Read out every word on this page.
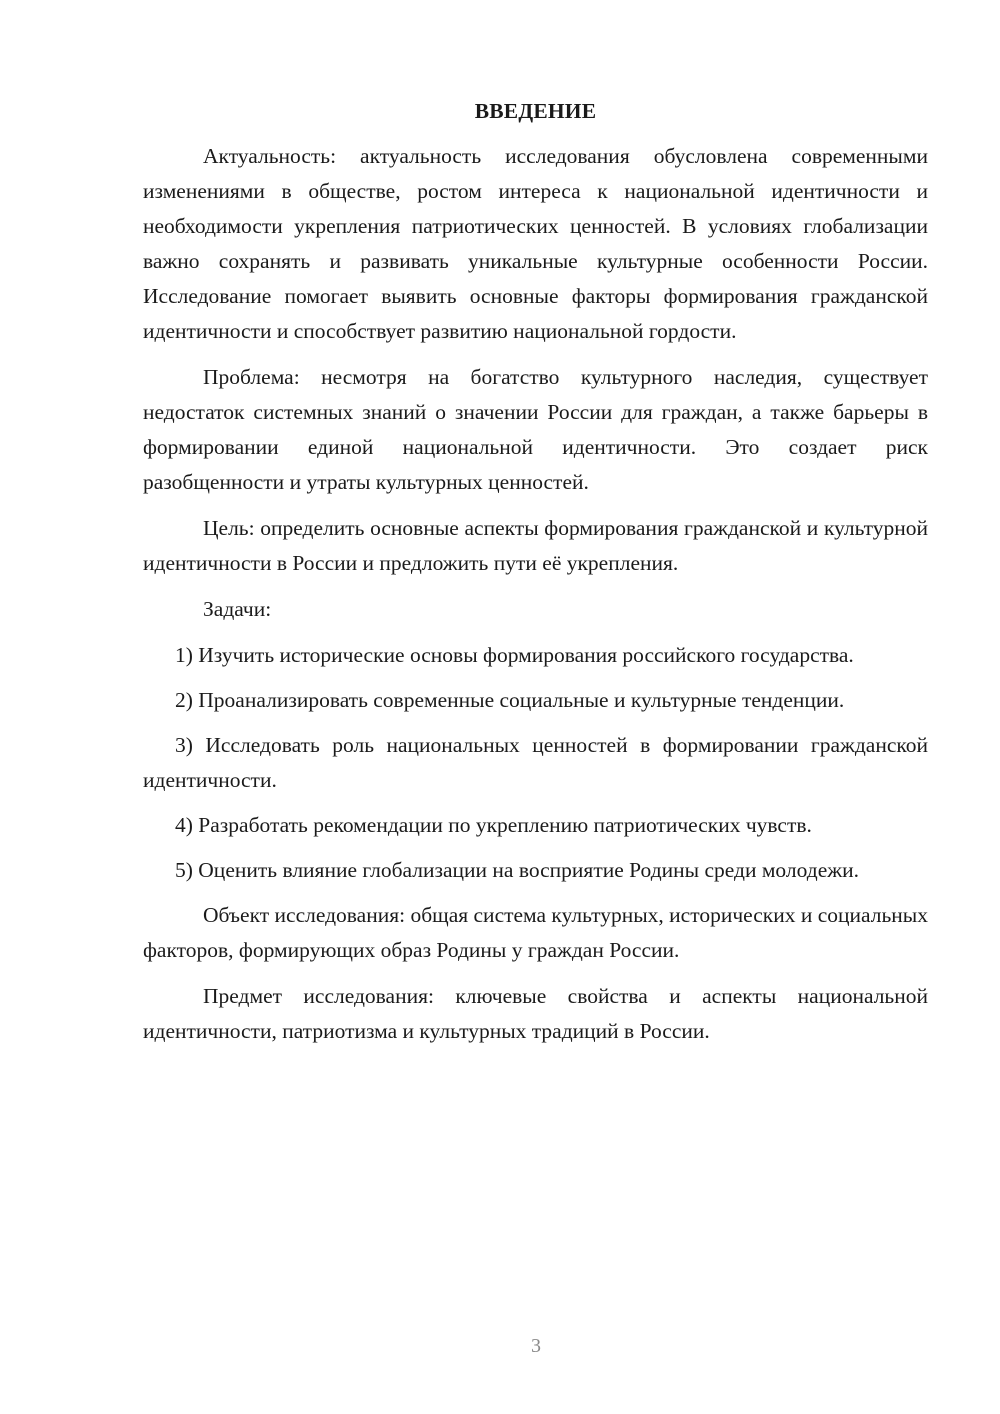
ВВЕДЕНИЕ

Актуальность: актуальность исследования обусловлена современными изменениями в обществе, ростом интереса к национальной идентичности и необходимости укрепления патриотических ценностей. В условиях глобализации важно сохранять и развивать уникальные культурные особенности России. Исследование помогает выявить основные факторы формирования гражданской идентичности и способствует развитию национальной гордости.

Проблема: несмотря на богатство культурного наследия, существует недостаток системных знаний о значении России для граждан, а также барьеры в формировании единой национальной идентичности. Это создает риск разобщенности и утраты культурных ценностей.

Цель: определить основные аспекты формирования гражданской и культурной идентичности в России и предложить пути её укрепления.

Задачи:

1) Изучить исторические основы формирования российского государства.

2) Проанализировать современные социальные и культурные тенденции.

3) Исследовать роль национальных ценностей в формировании гражданской идентичности.

4) Разработать рекомендации по укреплению патриотических чувств.

5) Оценить влияние глобализации на восприятие Родины среди молодежи.

Объект исследования: общая система культурных, исторических и социальных факторов, формирующих образ Родины у граждан России.

Предмет исследования: ключевые свойства и аспекты национальной идентичности, патриотизма и культурных традиций в России.

3
